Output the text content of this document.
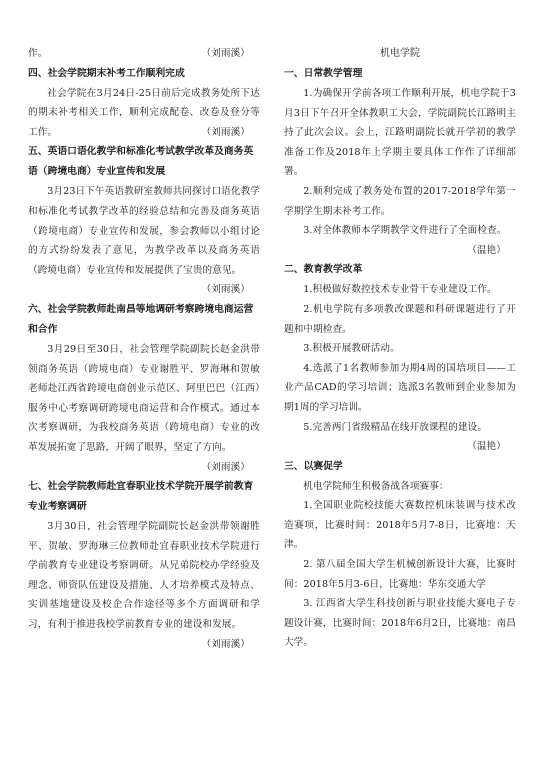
作。	（刘雨溪）

四、社会学院期末补考工作顺利完成

社会学院在3月24日-25日前后完成教务处所下达的期末补考相关工作，顺利完成配卷、改卷及登分等工作。	（刘雨溪）

五、英语口语化教学和标准化考试教学改革及商务英语（跨境电商）专业宣传和发展

3月23日下午英语教研室教师共同探讨口语化教学和标准化考试教学改革的经验总结和完善及商务英语（跨境电商）专业宣传和发展，参会教师以小组讨论的方式纷纷发表了意见，为教学改革以及商务英语（跨境电商）专业宣传和发展提供了宝贵的意见。

（刘雨溪）

六、社会学院教师赴南昌等地调研考察跨境电商运营和合作

3月29日至30日，社会管理学院副院长赵金洪带领商务英语（跨境电商）专业谢胜平、罗海琳和贺敏老师赴江西省跨境电商创业示范区、阿里巴巴（江西）服务中心考察调研跨境电商运营和合作模式。通过本次考察调研，为我校商务英语（跨境电商）专业的改革发展拓宽了思路，开阔了眼界，坚定了方向。

（刘雨溪）

七、社会学院教师赴宜春职业技术学院开展学前教育专业考察调研

3月30日，社会管理学院副院长赵金洪带领谢胜平、贺敏、罗海琳三位教师赴宜春职业技术学院进行学前教育专业建设考察调研。从兄弟院校办学经验及理念、师资队伍建设及措施、人才培养模式及特点、实训基地建设及校企合作途径等多个方面调研和学习，有利于推进我校学前教育专业的建设和发展。

（刘雨溪）

机电学院

一、日常教学管理

1.为确保开学前各项工作顺利开展，机电学院于3月3日下午召开全体教职工大会，学院副院长江路明主持了此次会议。会上，江路明副院长就开学初的教学准备工作及2018年上学期主要具体工作作了详细部署。

2.顺利完成了教务处布置的2017-2018学年第一学期学生期末补考工作。

3.对全体教师本学期教学文件进行了全面检查。

（温艳）

二、教育教学改革

1.积极做好数控技术专业骨干专业建设工作。

2.机电学院有多项教改课题和科研课题进行了开题和中期检查。

3.积极开展教研活动。

4.选派了1名教师参加为期4周的国培项目——工业产品CAD的学习培训；选派3名教师到企业参加为期1周的学习培训。

5.完善两门省级精品在线开放课程的建设。

（温艳）

三、以赛促学

机电学院师生积极备战各项赛事：

1.全国职业院校技能大赛数控机床装调与技术改造赛项，比赛时间：2018年5月7-8日，比赛地：天津。

2. 第八届全国大学生机械创新设计大赛，比赛时间：2018年5月3-6日，比赛地：华东交通大学

3. 江西省大学生科技创新与职业技能大赛电子专题设计赛，比赛时间：2018年6月2日，比赛地：南昌大学。
